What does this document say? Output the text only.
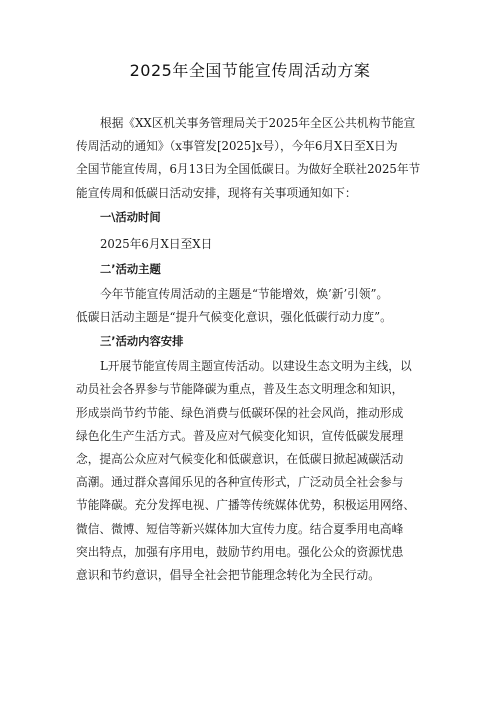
2025年全国节能宣传周活动方案
根据《XX区机关事务管理局关于2025年全区公共机构节能宣
传周活动的通知》（x事管发[2025]x号），今年6月X日至X日为
全国节能宣传周，6月13日为全国低碳日。为做好全联社2025年节
能宣传周和低碳日活动安排，现将有关事项通知如下：
一\活动时间
2025年6月X日至X日
二’活动主题
今年节能宣传周活动的主题是“节能增效，焕’新’引领”。
低碳日活动主题是“提升气候变化意识，强化低碳行动力度”。
三’活动内容安排
L开展节能宣传周主题宣传活动。以建设生态文明为主线，以
动员社会各界参与节能降碳为重点，普及生态文明理念和知识，
形成崇尚节约节能、绿色消费与低碳环保的社会风尚，推动形成
绿色化生产生活方式。普及应对气候变化知识，宣传低碳发展理
念，提高公众应对气候变化和低碳意识，在低碳日掀起减碳活动
高潮。通过群众喜闻乐见的各种宣传形式，广泛动员全社会参与
节能降碳。充分发挥电视、广播等传统媒体优势，积极运用网络、
微信、微博、短信等新兴媒体加大宣传力度。结合夏季用电高峰
突出特点，加强有序用电，鼓励节约用电。强化公众的资源忧患
意识和节约意识，倡导全社会把节能理念转化为全民行动。
